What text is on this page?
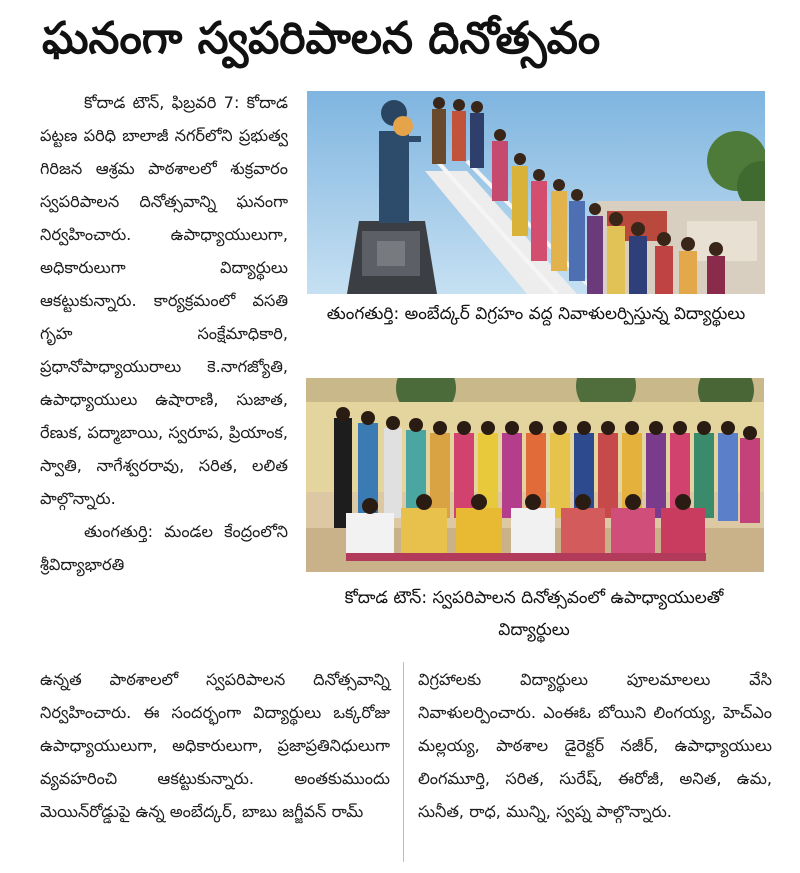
ఘనంగా స్వపరిపాలన దినోత్సవం

కోదాడ టౌన్, ఫిబ్రవరి 7: కోదాడ పట్టణ పరిధి బాలాజీ నగర్‌లోని ప్రభుత్వ గిరిజన ఆశ్రమ పాఠశాలలో శుక్రవారం స్వపరిపాలన దినోత్సవాన్ని ఘనంగా నిర్వహించారు. ఉపాధ్యాయులుగా, అధికారులుగా విద్యార్థులు ఆకట్టుకున్నారు. కార్యక్రమంలో వసతి గృహ సంక్షేమాధికారి, ప్రధానోపాధ్యాయురాలు కె.నాగజ్యోతి, ఉపాధ్యాయులు ఉషారాణి, సుజాత, రేణుక, పద్మాబాయి, స్వరూప, ప్రియాంక, స్వాతి, నాగేశ్వరరావు, సరిత, లలిత పాల్గొన్నారు.

తుంగతుర్తి: మండల కేంద్రంలోని శ్రీవిద్యాభారతి

తుంగతుర్తి: అంబేద్కర్ విగ్రహం వద్ద నివాళులర్పిస్తున్న విద్యార్థులు
కోదాడ టౌన్: స్వపరిపాలన దినోత్సవంలో ఉపాధ్యాయులతో విద్యార్థులు
ఉన్నత పాఠశాలలో స్వపరిపాలన దినోత్సవాన్ని నిర్వహించారు. ఈ సందర్భంగా విద్యార్థులు ఒక్కరోజు ఉపాధ్యాయులుగా, అధికారులుగా, ప్రజాప్రతినిధులుగా వ్యవహరించి ఆకట్టుకున్నారు. అంతకుముందు మెయిన్‌రోడ్డుపై ఉన్న అంబేద్కర్, బాబు జగ్జీవన్ రామ్
విగ్రహాలకు విద్యార్థులు పూలమాలలు వేసి నివాళులర్పించారు. ఎంఈఓ బోయిని లింగయ్య, హెచ్‌ఎం మల్లయ్య, పాఠశాల డైరెక్టర్ నజీర్, ఉపాధ్యాయులు లింగమూర్తి, సరిత, సురేష్, ఈరోజీ, అనిత, ఉమ, సునీత, రాధ, మున్ని, స్వప్న పాల్గొన్నారు.
